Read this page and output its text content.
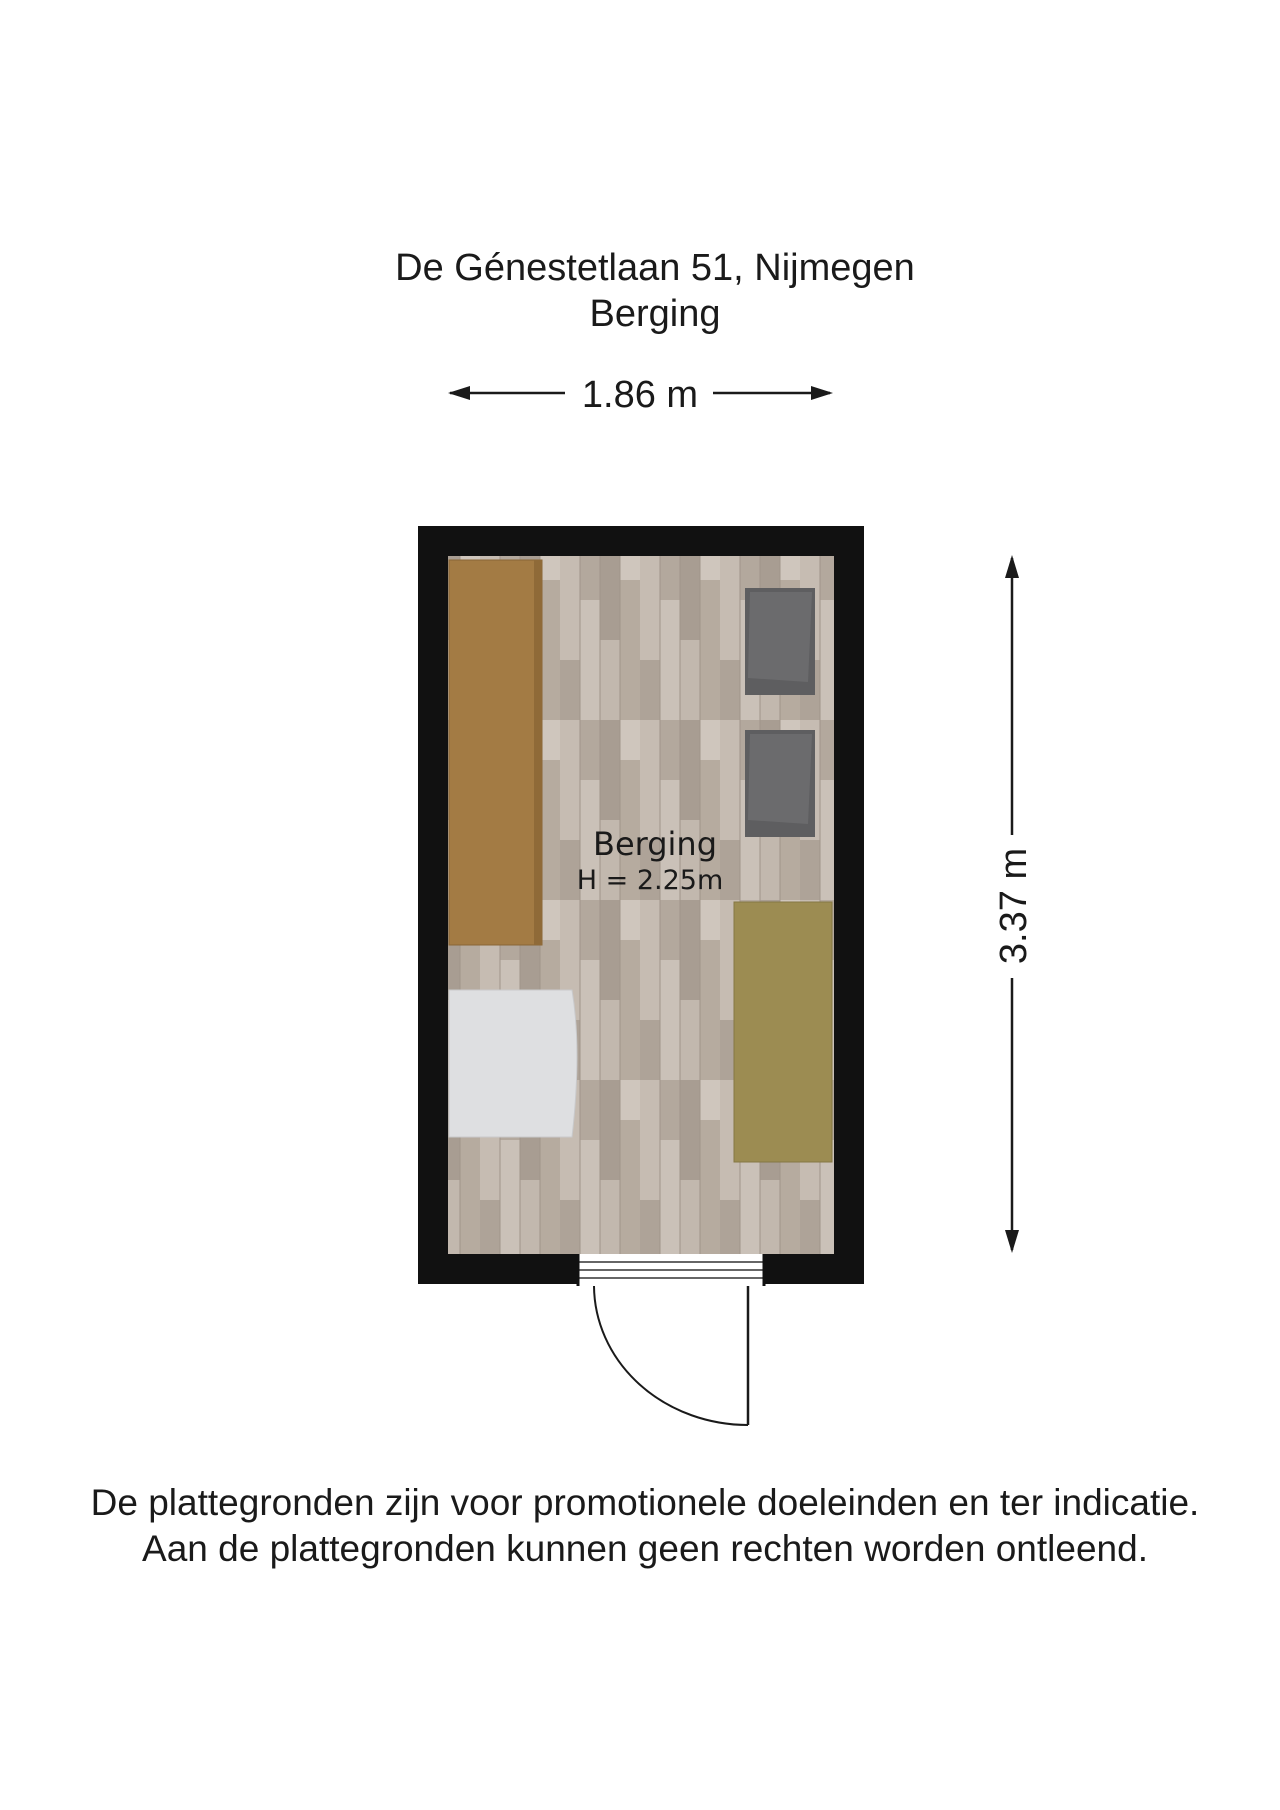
De Génestetlaan 51, Nijmegen
Berging
1.86 m
3.37 m
Berging
H = 2.25m
De plattegronden zijn voor promotionele doeleinden en ter indicatie.
Aan de plattegronden kunnen geen rechten worden ontleend.
